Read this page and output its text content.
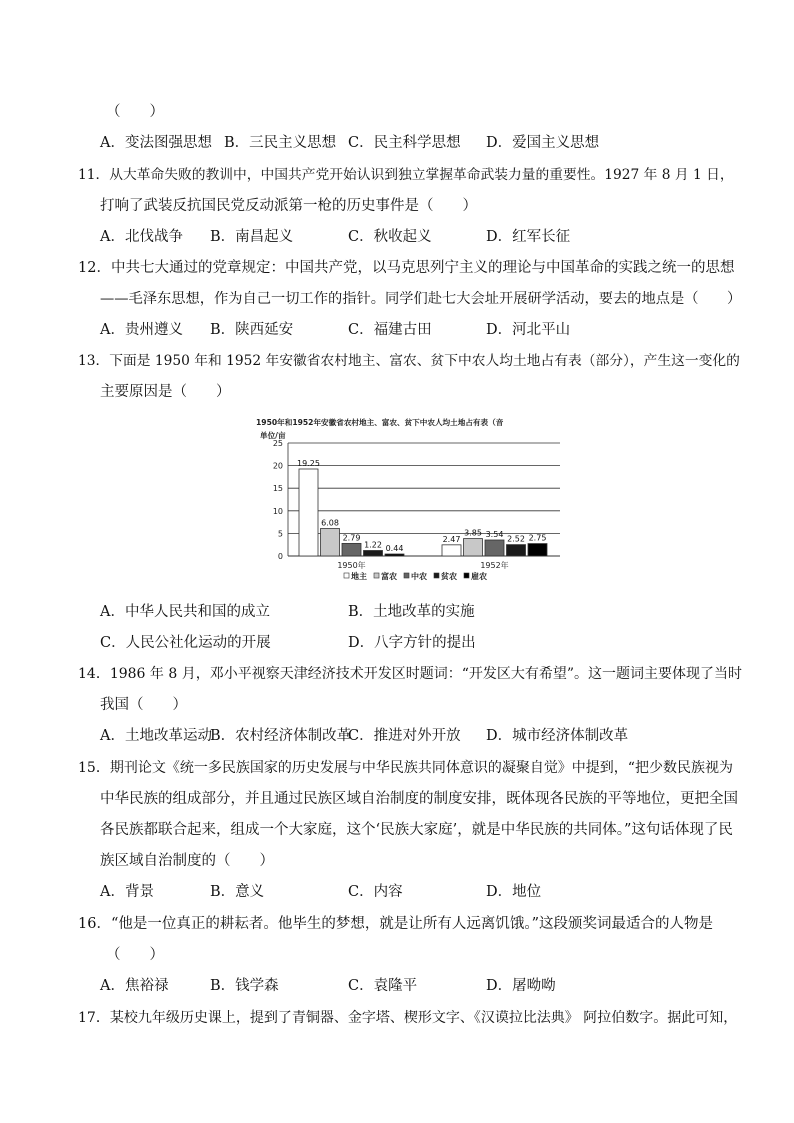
（　　）
A．变法图强思想 B．三民主义思想 C．民主科学思想 D．爱国主义思想
11．从大革命失败的教训中，中国共产党开始认识到独立掌握革命武装力量的重要性。1927 年 8 月 1 日，
打响了武装反抗国民党反动派第一枪的历史事件是（　　）
A．北伐战争 B．南昌起义	C．秋收起义	D．红军长征
12．中共七大通过的党章规定：中国共产党，以马克思列宁主义的理论与中国革命的实践之统一的思想
——毛泽东思想，作为自己一切工作的指针。同学们赴七大会址开展研学活动，要去的地点是（　　）
A．贵州遵义 B．陕西延安	C．福建古田	D．河北平山
13．下面是 1950 年和 1952 年安徽省农村地主、富农、贫下中农人均土地占有表（部分），产生这一变化的
主要原因是（　　）
1950年和1952年安徽省农村地主、富农、贫下中农人均土地占有表（音
单位/亩
0
5
10
15
20
25
19.25
6.08
2.79
1.22 0.44
2.47
3.85 3.54
2.52 2.75
1950年	1952年
地主 富农 中农 贫农 雇农
A．中华人民共和国的成立	B．土地改革的实施
C．人民公社化运动的开展	D．八字方针的提出
14．1986 年 8 月，邓小平视察天津经济技术开发区时题词：“开发区大有希望”。这一题词主要体现了当时
我国（　　）
A．土地改革运动
B．农村经济体制改革
C．推进对外开放 D．城市经济体制改革
15．期刊论文《统一多民族国家的历史发展与中华民族共同体意识的凝聚自觉》中提到，“把少数民族视为
中华民族的组成部分，并且通过民族区域自治制度的制度安排，既体现各民族的平等地位，更把全国
各民族都联合起来，组成一个大家庭，这个‘民族大家庭’，就是中华民族的共同体。”这句话体现了民
族区域自治制度的（　　）
A．背景	B．意义	C．内容	D．地位
16．“他是一位真正的耕耘者。他毕生的梦想，就是让所有人远离饥饿。”这段颁奖词最适合的人物是
（　　）
A．焦裕禄	B．钱学森	C．袁隆平	D．屠呦呦
17．某校九年级历史课上，提到了青铜器、金字塔、楔形文字、《汉谟拉比法典》 阿拉伯数字。据此可知，
